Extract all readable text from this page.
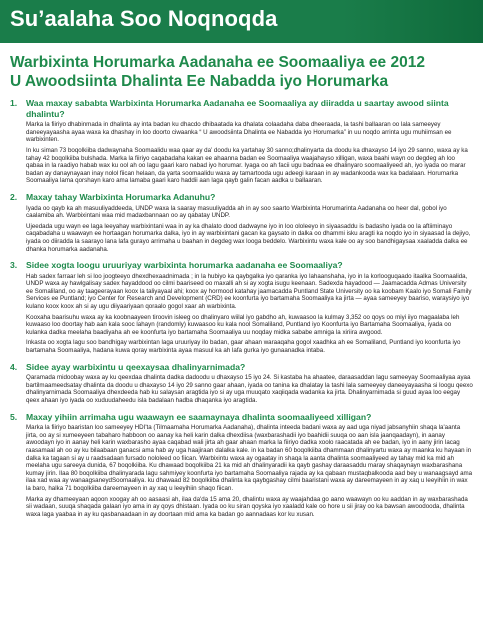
Su’aalaha Soo Noqnoqda
Warbixinta Horumarka Aadanaha ee Soomaaliya ee 2012
U Awoodsiinta Dhalinta Ee Nabadda iyo Horumarka
1.	Waa maxay sababta Warbixinta Horumarka Aadanaha ee Soomaaliya ay diiradda u saartay awood siinta dhalintu?

Marka la fiiriyo dhabinmada in dhalinta ay inta badan ku dhacdo dhibaatada ka dhalata colaadaha daba dheeraada, la tashi ballaaran oo lala sameeyey daneeyayaasha ayaa waxa ka dhashay in loo doorto ciwaanka “ U awoodsiinta Dhalinta ee Nabadda iyo Horumarka” in uu noqdo arrinta ugu muhiimsan ee warbixinten.

In ku siman 73 boqolkiiba dadwaynaha Soomaalidu waa qaar ay da’ doodu ka yartahay 30 sanno;dhalinyarta da doodu ka dhaxayso 14 iyo 29 sanno, waxa ay ka tahay 42 boqolkiiba bulshada. Marka la fiiriyo caqabadaha kakan ee ahaanna badan ee Soomaaliya waajahayso xilligan, waxa baahi wayn oo degdeg ah loo qabaa in la raadiyo habab wax ku ool ah oo lagu gaari karo nabad iyo horumar. Iyaga oo ah facii ugu badnaa ee dhalinyaro soomaaliyeed ah, iyo iyada oo marar badan ay danaynayaan inay nolol fiican helaan, da yarta soomaalidu waxa ay tamartooda ugu adeegi karaan in ay wadankooda wax ka badalaan. Horumarka Soomaaliya lama qorshayn karo ama lamaba gaari karo haddii aan laga qayb galin facan aadka u ballaaran.

2.	Maxay tahay Warbixinta Horumarka Adanuhu?

Iyada oo qayb ka ah masuuliyaddeeda, UNDP waxa la saaray masuuliyadda ah in ay soo saarto Warbixinta Horumarinta Aadanaha oo heer dal, gobol iyo caalamiba ah. Warbixintani waa mid madaxbannaan oo ay qabatay UNDP.

Ujeedada ugu wayn ee laga leeyahay warbixintani waa in ay ka dhalato dood dadwayne iyo in loo ololeeyo in siyaasaddu is badasho iyada oo la aftiiminayo caqabadaha u waawayn ee hortaagan horumarka dalka, iyo in ay warbixintani gacan ka gaysato in dalka oo dhammi isku aragti ka noqdo iyo in siyaasad la dejiyo, iyada oo diiradda la saarayo lana lafa gurayo arrimaha u baahan in degdeg wax looga beddelo. Warbixintu waxa kale oo ay soo bandhigaysaa xaaladda dalka ee dhanka horumarka aadanaha.

3.	Sidee xogta loogu uruuriyay warbixinta horumarka aadanaha ee Soomaaliya?

Hab sadex farraar leh si loo joogteeyo dhexdhexaadnimada ; in la hubiyo ka qaybgalka iyo qaranka iyo lahaanshaha, iyo in la korlooguqaado itaalka Soomaalida, UNDP waxa ay hawlgalisay sadex hayaddood oo cilmi baariseed oo maxalli ah si ay xogta isugu keenaan. Sadexda hayadood — Jaamacadda Admas University ee Somaliland, oo ay taageerayaan koox la taliyayaal ahi; koox ay hormood katahay jaamacadda Puntland State University oo ka koobam Kaalo iyo Somali Family Services ee Puntland; iyo Center for Research and Development (CRD) ee koonfurta iyo bartamaha Soomaaliya ka jirta — ayaa sameeyey baariso, waraysiyo iyo kulano koox koox ah si ay ugu diiyaariyaan qoraalo gogol xaar ah warbixinta.

Kooxaha baarisuhu waxa ay ka koobnaayeen tiroovin isleeg oo dhalinyaro wiilal iyo gabdho ah, kuwaasoo la kulmay 3,352 oo qoys oo miyi iiyo magaalaba leh kuwaaso loo doortay hab aan kala sooc lahayn (randomly) kuwaasoo ku kala nool Somaliland, Puntland iyo Koonfurta iyo Bartamaha Soomaaliya, iyada oo kulanka dadka meelaha baadiyaha ah ee koonfurta iyo bartamaha Soomaaliya uu noqday midka sababe amniga la xiriira awgood.

Inkasta oo xogta lagu soo bandhigay warbixintan laga uruuriyay ilo badan, gaar ahaan waraaqaha gogol xaadhka ah ee Somaliland, Puntland iyo koonfurta iyo bartamaha Soomaaliya, hadana kuwa qoray warbixinta ayaa masuul ka ah lafa gurka iyo gunaanadka intaba.

4.	Sidee ayay warbixintu u qeexaysaa dhalinyarnimada?

Qaramada midoobay waxa ay ku qeexdaa dhalinta dadka dadoodu u dhaxayso 15 iyo 24. Si kastaba ha ahaatee, daraasaddan lagu sameeyay Soomaaliyaa ayaa bartilmaameedsatay dhalinta da doodu u dhaxayso 14 iyo 29 sanno gaar ahaan, iyada oo tanina ka dhalatay la tashi lala sameeyey daneeyayaasha si loogu qeexo dhalinyarnimada Soomaaliya dhexdeeda hab ku salaysan aragtida iyo si ay uga muuqato xaqiiqada wadanka ka jirta. Dhalinyarnimada si guud ayaa loo eegay qeex ahaan iyo iyada oo xuduudaheedu isla badalaan hadba dhaqanka iyo aragtida.

5.	Maxay yihiin arrimaha ugu waawayn ee saamaynaya dhalinta soomaaliyeed xilligan?

Marka la fiiriyo baaristan loo sameeyey HDI'ta (Tilmaamaha Horumarka Aadanaha), dhalinta inteeda badani waxa ay aad uga niyad jabsanyhiin shaqa la'aanta jirta, oo ay si xumeeyeen tabaharo habboon oo aanay ka heli karin dalka dhexdiisa (waxbarashadii iyo baahidii suuqa oo aan isla jaanqaadayn), in aanay awoodayn iyo in aanay heli karin waxbarasho ayaa caqabad wali jirta ah gaar ahaan marka la fiiriyo dadka xoolo raacatada ah ee badan, iyo in aany jirin lacag raasamaal ah oo ay ku bilaabaan ganacsi ama hab ay uga haajiraan dalalka kale. in ka badan 60 boqolkiiba dhammaan dhalinyartu waxa ay maanka ku hayaan in dalka ka tagaan si ay u raadsadaan fursado nololeed oo fiican. Warbixintu waxa ay ogaatay in shaqa la aanta dhalinta soomaaliyeed ay tahay mid ka mid ah meelaha ugu sareeya dunida, 67 boqolkiiba. Ku dhawaad boqolkiiba 21 ka mid ah dhalinyaradii ka qayb gashay daraasaddu maray shaqaynayn waxbarashana kumay jirin. Ilaa 80 boqolkiiba dhalinyarada lagu sahmiyey koonfurta iyo bartamaha Soomaaliya rajada ay ka qabaan mustaqbalkooda aad bey u wanaagsayd ama ilaa xad waa ay wanaagsaneydSoomaaliya. ku dhawaad 82 boqolkiiba dhalinta ka qaybgashay cilmi baaristani waxa ay dareemayeen in ay xaq u leeyihiin in wax la baro, halka 71 boqolkiiba dareemayeen in ay xaq u leeyihiin shaqo fiican.

Marka ay dhameeyaan aqoon xoogay ah oo aasaasi ah, ilaa da'da 15 ama 20, dhalintu waxa ay waajahdaa go aano waawayn oo ku aaddan in ay waxbarashada sii wadaan, suuqa shaqada galaan iyo ama in ay qoys dhistaan. Iyada oo ku siran qoyska iyo xaaladd kale oo hore u sii jiray oo ka bawsan awoodooda, dhalinta waxa laga yaabaa in ay ku qasbanaadaan in ay doortaan mid ama ka badan go aannadaas kor ku xusan.
